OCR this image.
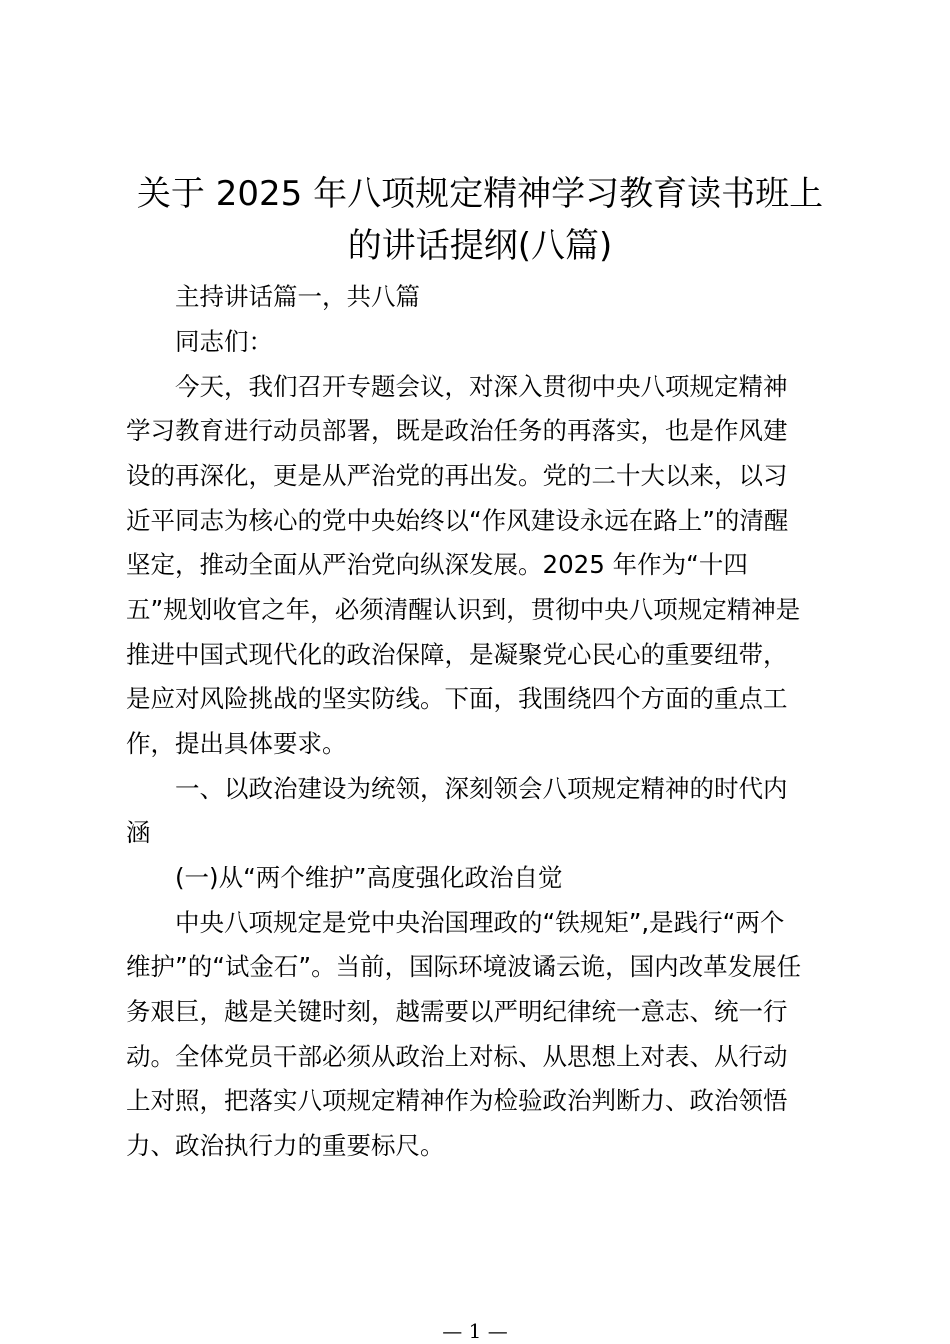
关于 2025 年八项规定精神学习教育读书班上
的讲话提纲(八篇)

　　主持讲话篇一，共八篇

　　同志们：

　　今天，我们召开专题会议，对深入贯彻中央八项规定精神

学习教育进行动员部署，既是政治任务的再落实，也是作风建

设的再深化，更是从严治党的再出发。党的二十大以来，以习

近平同志为核心的党中央始终以“作风建设永远在路上”的清醒

坚定，推动全面从严治党向纵深发展。2025 年作为“十四

五”规划收官之年，必须清醒认识到，贯彻中央八项规定精神是

推进中国式现代化的政治保障，是凝聚党心民心的重要纽带，

是应对风险挑战的坚实防线。下面，我围绕四个方面的重点工

作，提出具体要求。

　　一、以政治建设为统领，深刻领会八项规定精神的时代内

涵

　　(一)从“两个维护”高度强化政治自觉

　　中央八项规定是党中央治国理政的“铁规矩”,是践行“两个

维护”的“试金石”。当前，国际环境波谲云诡，国内改革发展任

务艰巨，越是关键时刻，越需要以严明纪律统一意志、统一行

动。全体党员干部必须从政治上对标、从思想上对表、从行动

上对照，把落实八项规定精神作为检验政治判断力、政治领悟

力、政治执行力的重要标尺。

— 1 —
